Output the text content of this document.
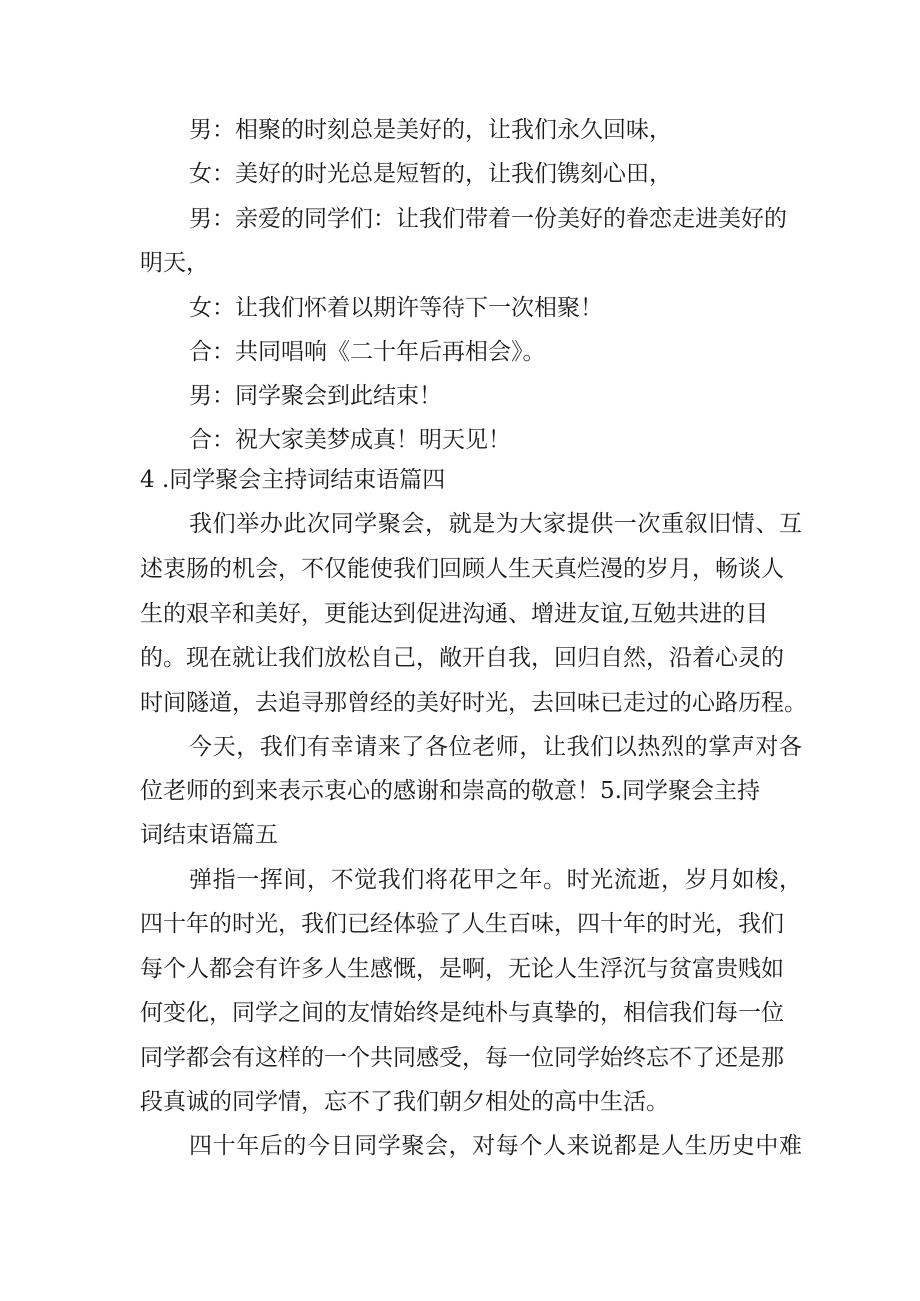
男：相聚的时刻总是美好的，让我们永久回味，
女：美好的时光总是短暂的，让我们镌刻心田，
男：亲爱的同学们：让我们带着一份美好的眷恋走进美好的
明天，
女：让我们怀着以期许等待下一次相聚！
合：共同唱响《二十年后再相会》。
男：同学聚会到此结束！
合：祝大家美梦成真！明天见！
4 .同学聚会主持词结束语篇四
我们举办此次同学聚会，就是为大家提供一次重叙旧情、互
述衷肠的机会，不仅能使我们回顾人生天真烂漫的岁月，畅谈人
生的艰辛和美好，更能达到促进沟通、增进友谊,互勉共进的目
的。现在就让我们放松自己，敞开自我，回归自然，沿着心灵的
时间隧道，去追寻那曾经的美好时光，去回味已走过的心路历程。
今天，我们有幸请来了各位老师，让我们以热烈的掌声对各
位老师的到来表示衷心的感谢和崇高的敬意！5.同学聚会主持
词结束语篇五
弹指一挥间，不觉我们将花甲之年。时光流逝，岁月如梭，
四十年的时光，我们已经体验了人生百味，四十年的时光，我们
每个人都会有许多人生感慨，是啊，无论人生浮沉与贫富贵贱如
何变化，同学之间的友情始终是纯朴与真挚的，相信我们每一位
同学都会有这样的一个共同感受，每一位同学始终忘不了还是那
段真诚的同学情，忘不了我们朝夕相处的高中生活。
四十年后的今日同学聚会，对每个人来说都是人生历史中难
